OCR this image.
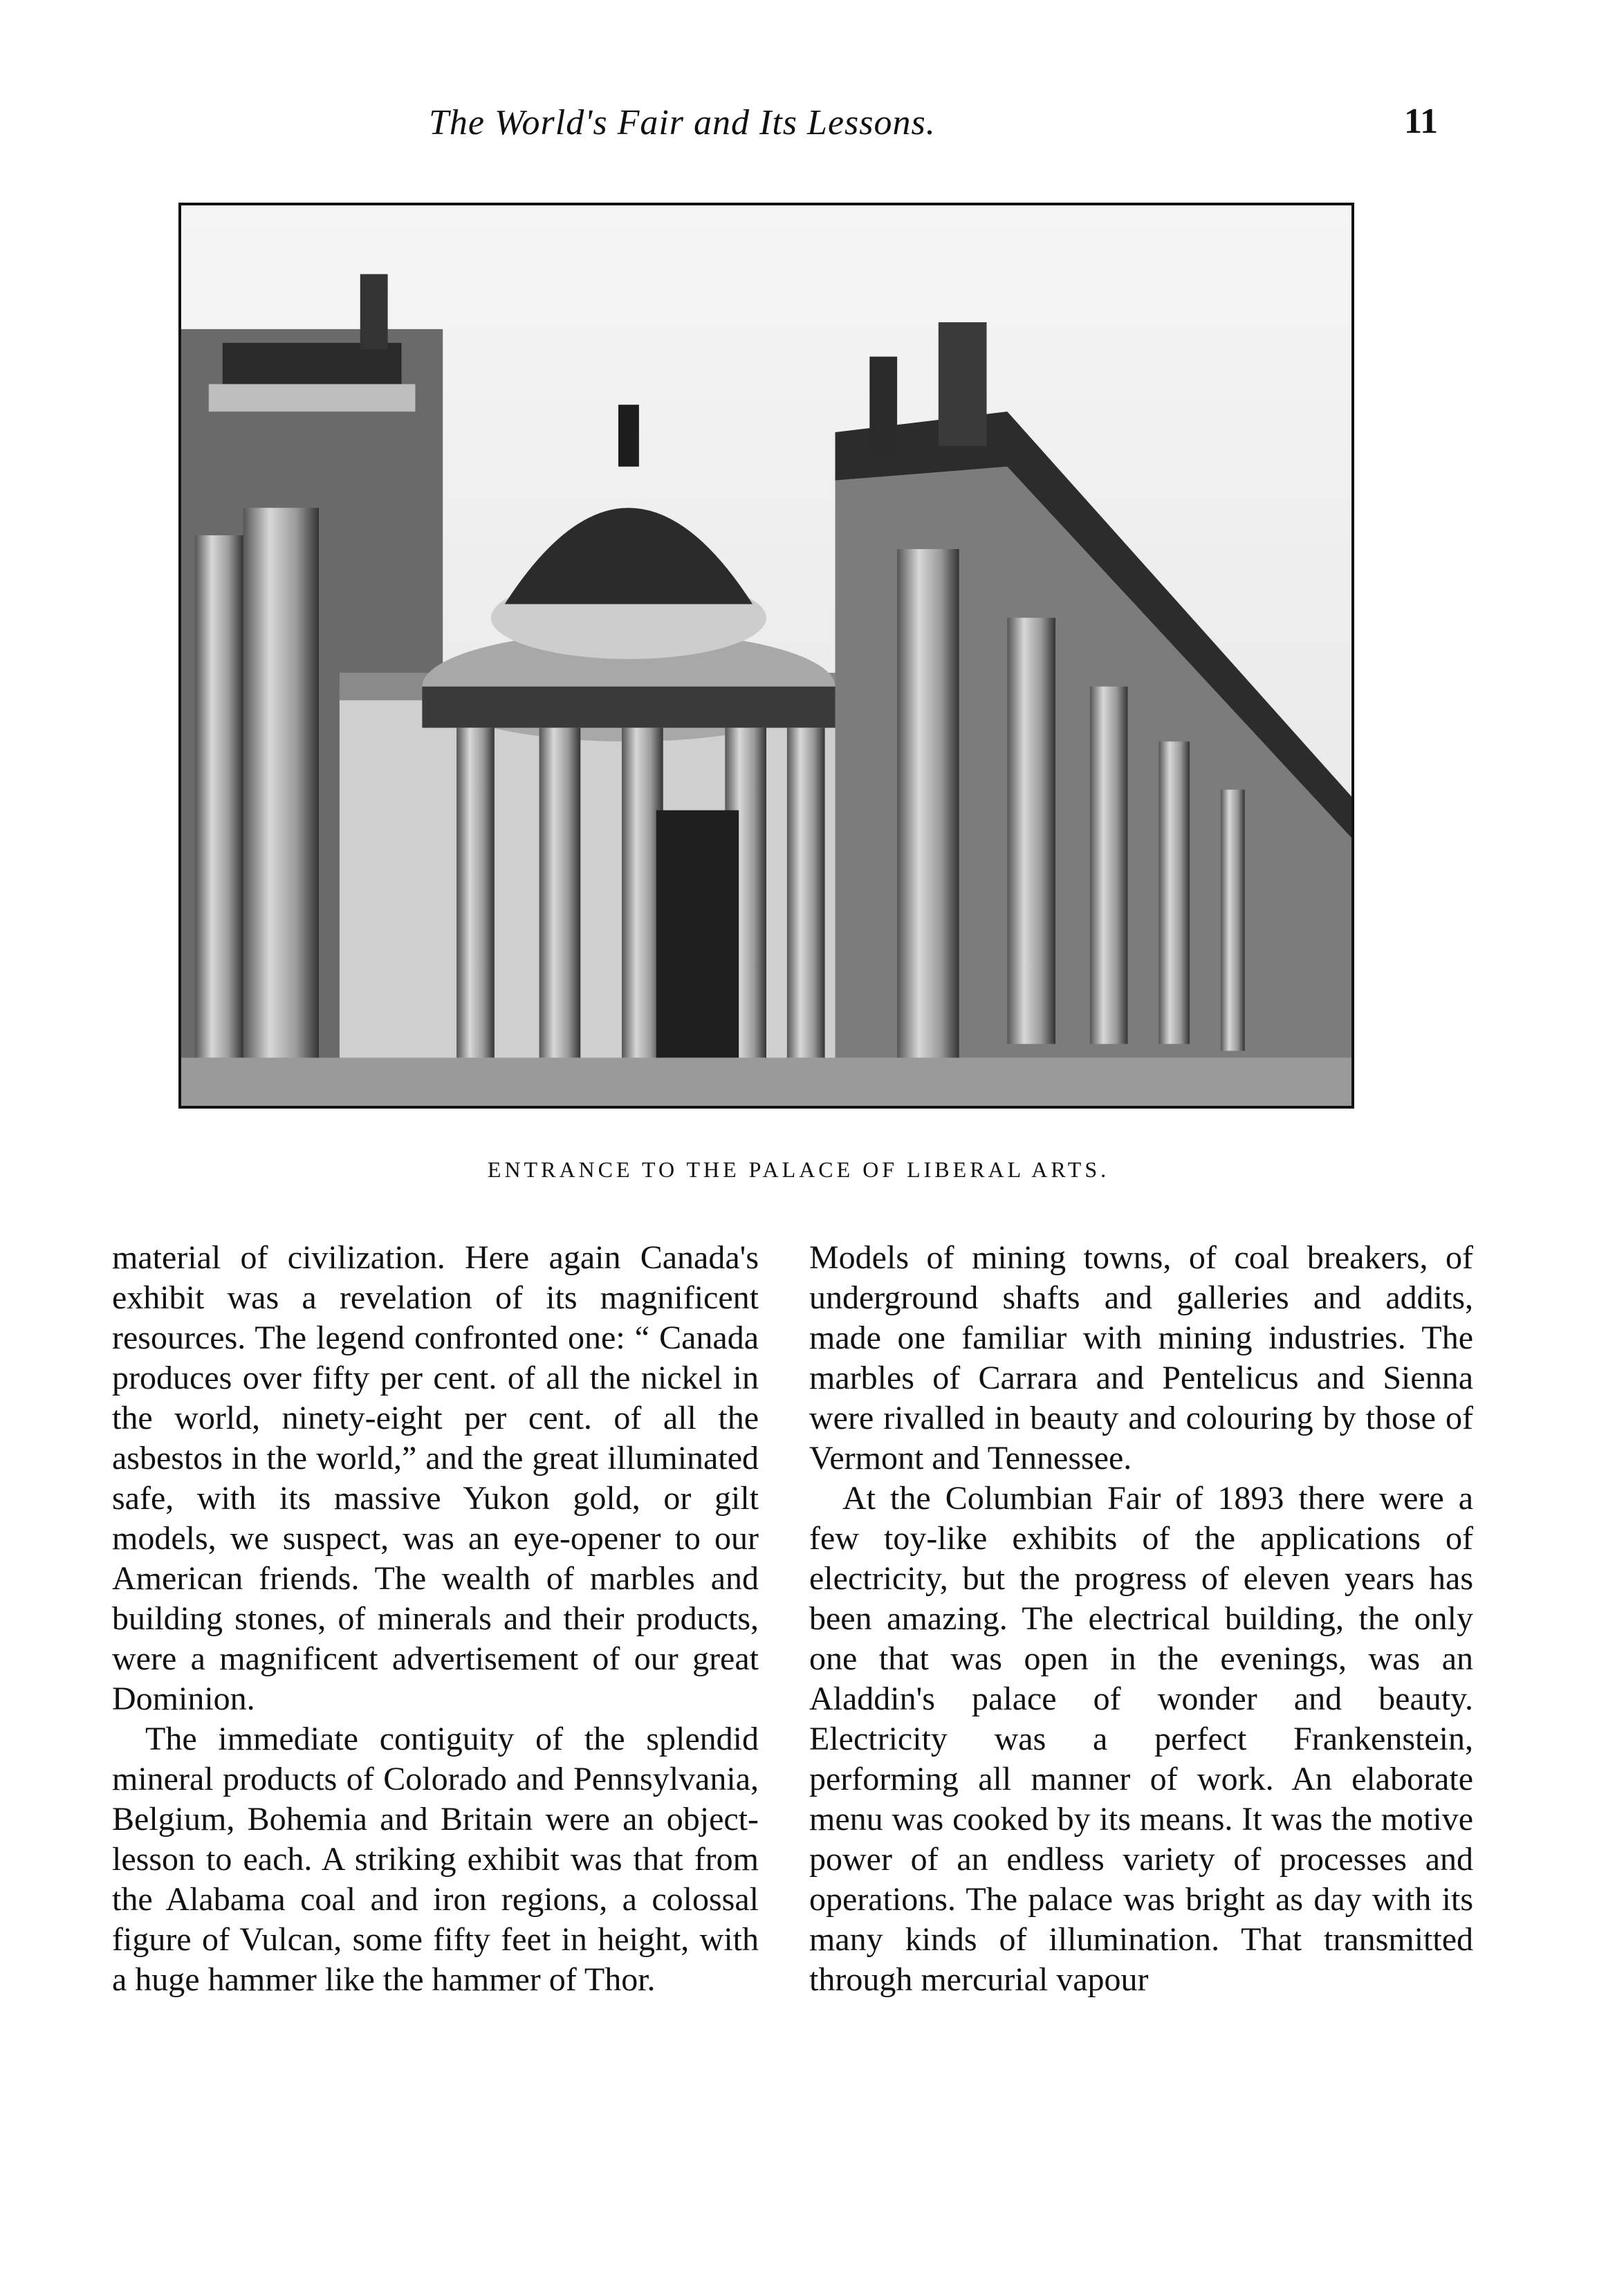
The World's Fair and Its Lessons.	11
ENTRANCE TO THE PALACE OF LIBERAL ARTS.

material of civilization. Here again Canada's exhibit was a revelation of its magnificent resources. The legend confronted one: “ Canada produces over fifty per cent. of all the nickel in the world, ninety-eight per cent. of all the asbestos in the world,” and the great illuminated safe, with its massive Yukon gold, or gilt models, we suspect, was an eye-opener to our American friends. The wealth of marbles and building stones, of minerals and their products, were a magnificent advertisement of our great Dominion.

The immediate contiguity of the splendid mineral products of Colorado and Pennsylvania, Belgium, Bohemia and Britain were an object-lesson to each. A striking exhibit was that from the Alabama coal and iron regions, a colossal figure of Vulcan, some fifty feet in height, with a huge hammer like the hammer of Thor.

Models of mining towns, of coal breakers, of underground shafts and galleries and addits, made one familiar with mining industries. The marbles of Carrara and Pentelicus and Sienna were rivalled in beauty and colouring by those of Vermont and Tennessee.

At the Columbian Fair of 1893 there were a few toy-like exhibits of the applications of electricity, but the progress of eleven years has been amazing. The electrical building, the only one that was open in the evenings, was an Aladdin's palace of wonder and beauty. Electricity was a perfect Frankenstein, performing all manner of work. An elaborate menu was cooked by its means. It was the motive power of an endless variety of processes and operations. The palace was bright as day with its many kinds of illumination. That transmitted through mercurial vapour
